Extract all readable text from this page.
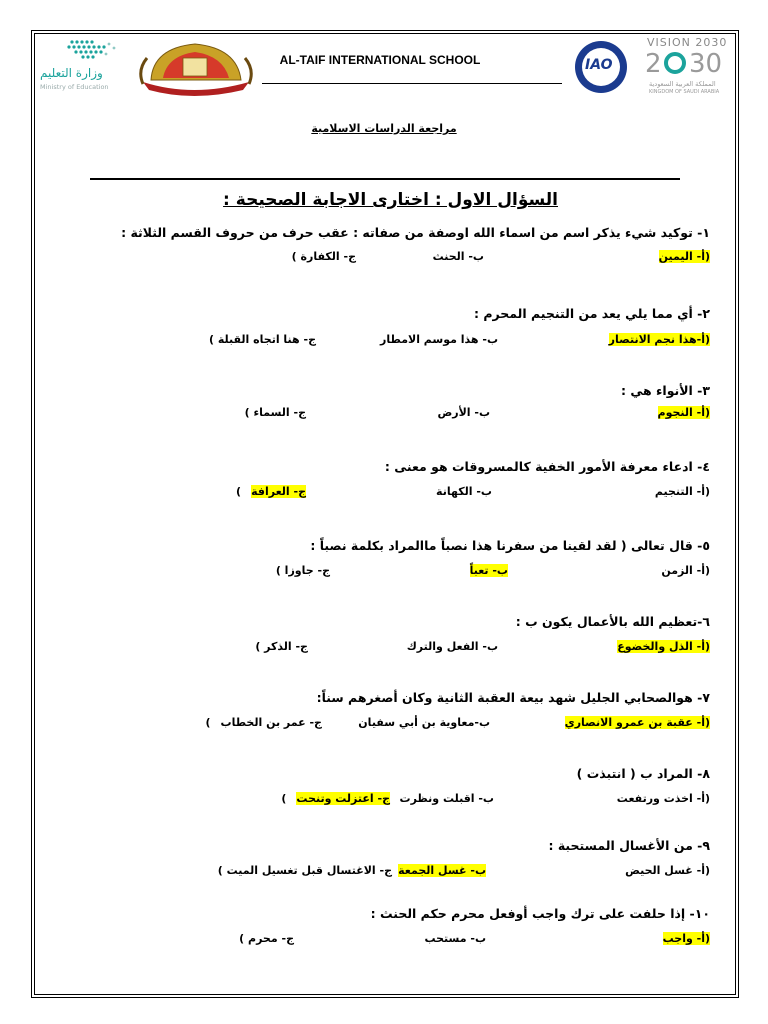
وزارة التعليم
Ministry of Education
AL-TAIF INTERNATIONAL SCHOOL	IAO
VISION 2030
2 30
المملكة العربية السعودية
KINGDOM OF SAUDI ARABIA
مراجعة الدراسات الاسلامية
السؤال الاول : اختارى الاجابة الصحيحة :
١- توكيد شيء يذكر اسم من اسماء الله اوصفة من صفاته : عقب حرف من حروف القسم الثلاثة :
(أ- اليمين
ب- الحنث
ج- الكفارة )
٢- أي مما يلي يعد من التنجيم المحرم :
(أ-هذا نجم الانتصار
ب- هذا موسم الامطار
ج- هنا اتجاه القبلة )
٣- الأنواء هي :
(أ- النجوم
ب- الأرض
ج- السماء )
٤- ادعاء معرفة الأمور الخفية كالمسروقات هو معنى :
(أ- التنجيم
ب- الكهانة
ج- العرافة)
٥- قال تعالى ( لقد لقينا من سفرنا هذا نصباً ماالمراد بكلمة نصباً :
(أ- الزمن
ب- تعباً
ج- جاوزا )
٦-تعظيم الله بالأعمال يكون ب :
(أ- الذل والخضوع
ب- الفعل والترك
ج- الذكر )
٧- هوالصحابي الجليل شهد بيعة العقبة الثانية وكان أصغرهم سناً:
(أ- عقبة بن عمرو الانصاري
ب-معاوية بن أبي سفيان
ج- عمر بن الخطاب)
٨- المراد ب ( انتبذت )
(أ- اخذت ورتفعت
ب- اقبلت ونظرت
ج- اعتزلت وتنحت)
٩- من الأغسال المستحبة :
(أ- غسل الحيض
ب- غسل الجمعة
ج- الاغتسال قبل تغسيل الميت )
١٠- إذا حلفت على ترك واجب أوفعل محرم حكم الحنث :
(أ- واجب
ب- مستحب
ج- محرم )
